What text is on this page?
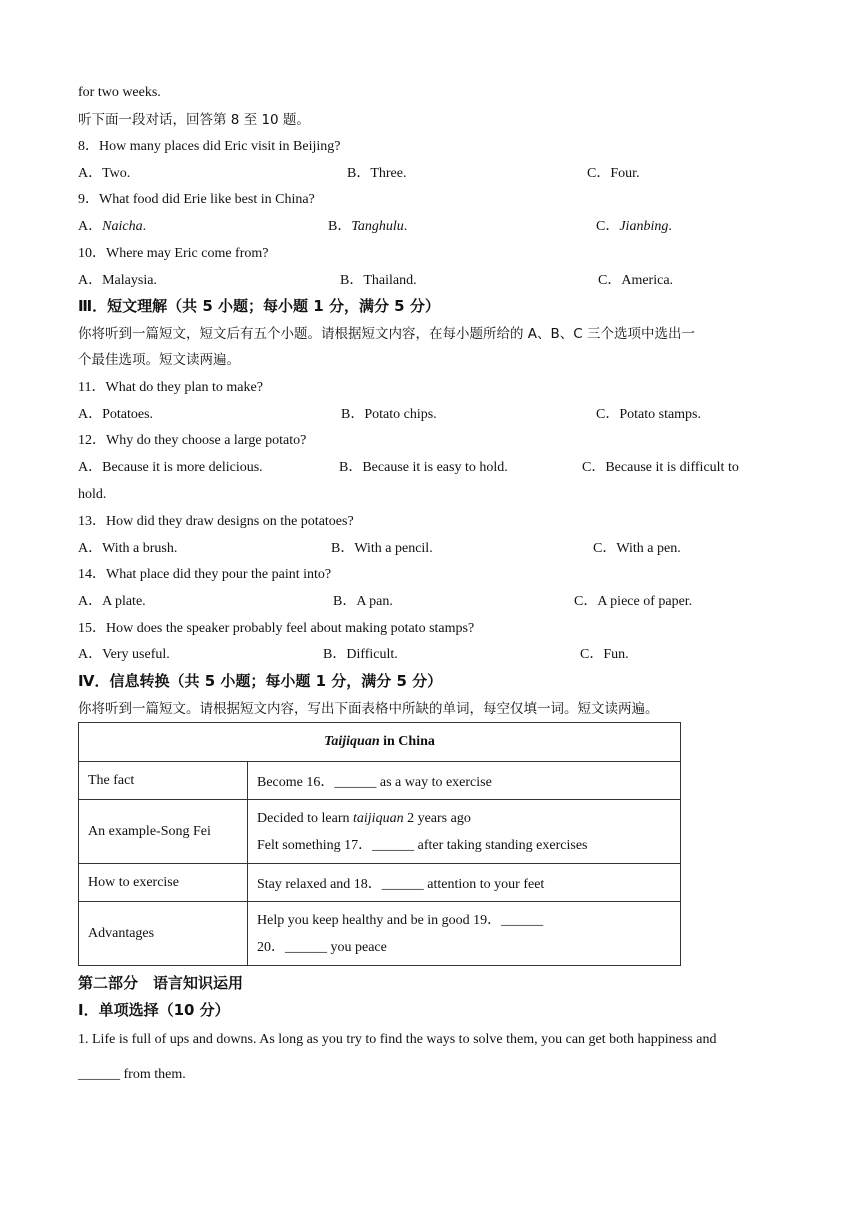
for two weeks.
听下面一段对话，回答第 8 至 10 题。
8．How many places did Eric visit in Beijing?
A．Two.	B．Three.	C．Four.
9．What food did Erie like best in China?
A．Naicha.	B．Tanghulu.	C．Jianbing.
10．Where may Eric come from?
A．Malaysia.	B．Thailand.	C．America.
Ⅲ．短文理解（共 5 小题；每小题 1 分，满分 5 分）
你将听到一篇短文，短文后有五个小题。请根据短文内容，在每小题所给的 A、B、C 三个选项中选出一
个最佳选项。短文读两遍。
11．What do they plan to make?
A．Potatoes.	B．Potato chips.	C．Potato stamps.
12．Why do they choose a large potato?
A．Because it is more delicious.	B．Because it is easy to hold.	C．Because it is difficult to
hold.
13．How did they draw designs on the potatoes?
A．With a brush.	B．With a pencil.	C．With a pen.
14．What place did they pour the paint into?
A．A plate.	B．A pan.	C．A piece of paper.
15．How does the speaker probably feel about making potato stamps?
A．Very useful.	B．Difficult.	C．Fun.
Ⅳ．信息转换（共 5 小题；每小题 1 分，满分 5 分）
你将听到一篇短文。请根据短文内容，写出下面表格中所缺的单词，每空仅填一词。短文读两遍。
Taijiquan in China	
The fact	Become 16．______ as a way to exercise
An example-Song Fei	Decided to learn taijiquan 2 years ago
Felt something 17．______ after taking standing exercises

How to exercise	Stay relaxed and 18．______ attention to your feet
Advantages	Help you keep healthy and be in good 19．______
20．______ you peace
第二部分　语言知识运用
Ⅰ．单项选择（10 分）
1. Life is full of ups and downs. As long as you try to find the ways to solve them, you can get both happiness and
______ from them.
